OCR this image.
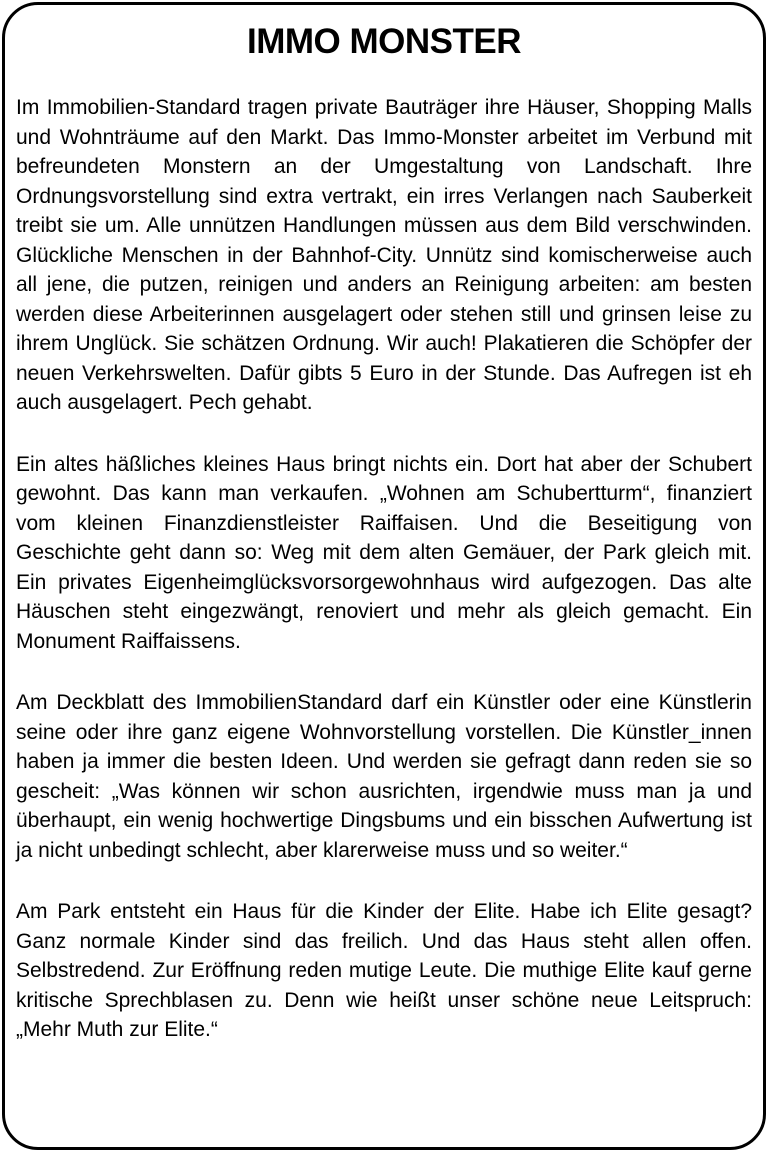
IMMO MONSTER

Im Immobilien-Standard tragen private Bauträger ihre Häuser, Shopping Malls und Wohnträume auf den Markt. Das Immo-Monster arbeitet im Verbund mit befreundeten Monstern an der Umgestaltung von Landschaft. Ihre Ordnungsvorstellung sind extra vertrakt, ein irres Verlangen nach Sauberkeit treibt sie um. Alle unnützen Handlungen müssen aus dem Bild verschwinden. Glückliche Menschen in der Bahnhof-City. Unnütz sind komischerweise auch all jene, die putzen, reinigen und anders an Reinigung arbeiten: am besten werden diese Arbeiterinnen ausgelagert oder stehen still und grinsen leise zu ihrem Unglück. Sie schätzen Ordnung. Wir auch! Plakatieren die Schöpfer der neuen Verkehrswelten. Dafür gibts 5 Euro in der Stunde. Das Aufregen ist eh auch ausgelagert. Pech gehabt.

Ein altes häßliches kleines Haus bringt nichts ein. Dort hat aber der Schubert gewohnt. Das kann man verkaufen. „Wohnen am Schubertturm“, finanziert vom kleinen Finanzdienstleister Raiffaisen. Und die Beseitigung von Geschichte geht dann so: Weg mit dem alten Gemäuer, der Park gleich mit. Ein privates Eigenheimglücksvorsorgewohnhaus wird aufgezogen. Das alte Häuschen steht eingezwängt, renoviert und mehr als gleich gemacht. Ein Monument Raiffaissens.

Am Deckblatt des ImmobilienStandard darf ein Künstler oder eine Künstlerin seine oder ihre ganz eigene Wohnvorstellung vorstellen. Die Künstler_innen haben ja immer die besten Ideen. Und werden sie gefragt dann reden sie so gescheit: „Was können wir schon ausrichten, irgendwie muss man ja und überhaupt, ein wenig hochwertige Dingsbums und ein bisschen Aufwertung ist ja nicht unbedingt schlecht, aber klarerweise muss und so weiter.“

Am Park entsteht ein Haus für die Kinder der Elite. Habe ich Elite gesagt? Ganz normale Kinder sind das freilich. Und das Haus steht allen offen. Selbstredend. Zur Eröffnung reden mutige Leute. Die muthige Elite kauf gerne kritische Sprechblasen zu. Denn wie heißt unser schöne neue Leitspruch: „Mehr Muth zur Elite.“
